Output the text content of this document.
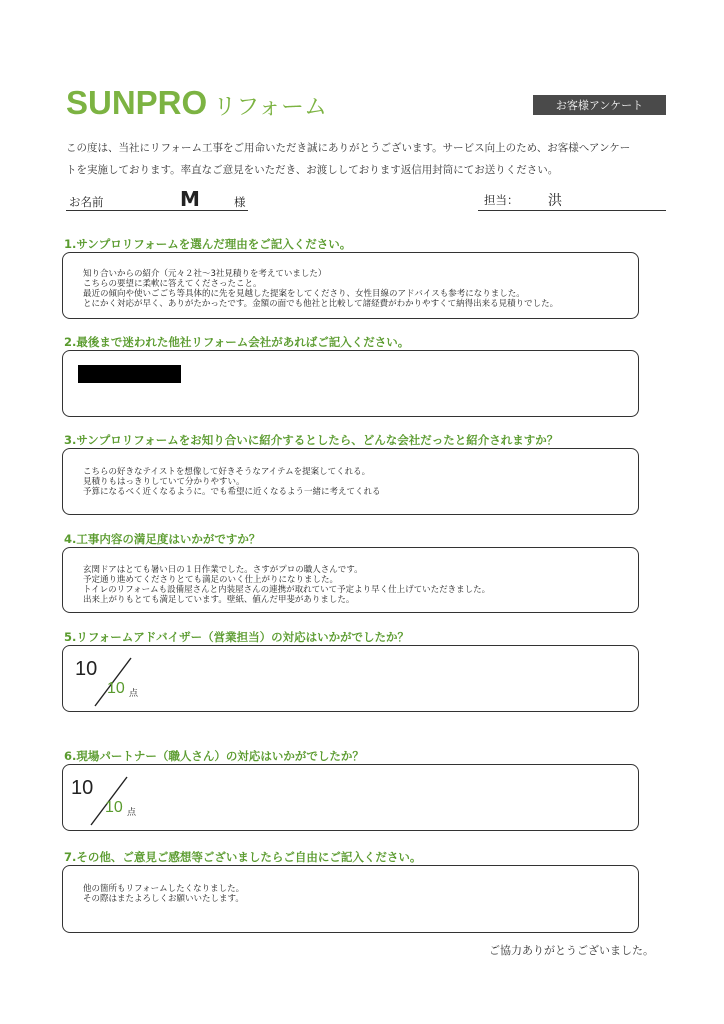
SUNPRO リフォーム	お客様アンケート
この度は、当社にリフォーム工事をご用命いただき誠にありがとうございます。サービス向上のため、お客様へアンケー
トを実施しております。率直なご意見をいただき、お渡ししております返信用封筒にてお送りください。
お名前	M	様	担当： 洪
1.サンプロリフォームを選んだ理由をご記入ください。
知り合いからの紹介（元々２社～3社見積りを考えていました）
こちらの要望に柔軟に答えてくださったこと。
最近の傾向や使いごごち等具体的に先を見越した提案をしてくださり、女性目線のアドバイスも参考になりました。
とにかく対応が早く、ありがたかったです。金額の面でも他社と比較して諸経費がわかりやすくて納得出来る見積りでした。
2.最後まで迷われた他社リフォーム会社があればご記入ください。
3.サンプロリフォームをお知り合いに紹介するとしたら、どんな会社だったと紹介されますか？
こちらの好きなテイストを想像して好きそうなアイテムを提案してくれる。
見積りもはっきりしていて分かりやすい。
予算になるべく近くなるように。でも希望に近くなるよう一緒に考えてくれる
4.工事内容の満足度はいかがですか？
玄関ドアはとても暑い日の１日作業でした。さすがプロの職人さんです。
予定通り進めてくださりとても満足のいく仕上がりになりました。
トイレのリフォームも設備屋さんと内装屋さんの連携が取れていて予定より早く仕上げていただきました。
出来上がりもとても満足しています。壁紙、値んだ甲斐がありました。
5.リフォームアドバイザー（営業担当）の対応はいかがでしたか？
10
10 点
6.現場パートナー（職人さん）の対応はいかがでしたか？
10
10 点
7.その他、ご意見ご感想等ございましたらご自由にご記入ください。
他の箇所もリフォームしたくなりました。
その際はまたよろしくお願いいたします。
ご協力ありがとうございました。
